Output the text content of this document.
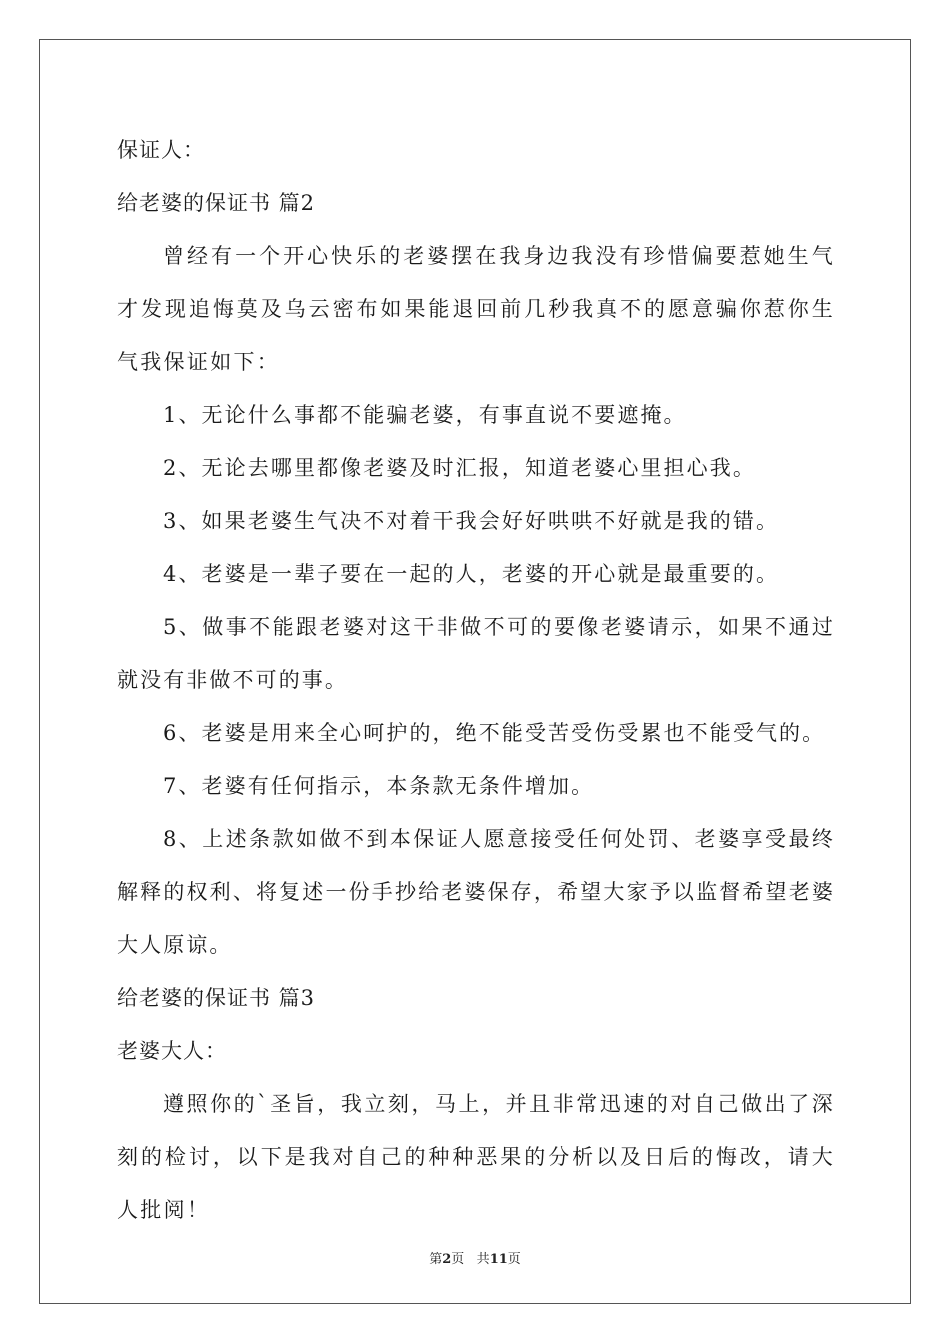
保证人：
给老婆的保证书 篇2
曾经有一个开心快乐的老婆摆在我身边我没有珍惜偏要惹她生气才发现追悔莫及乌云密布如果能退回前几秒我真不的愿意骗你惹你生气我保证如下：
1、无论什么事都不能骗老婆，有事直说不要遮掩。
2、无论去哪里都像老婆及时汇报，知道老婆心里担心我。
3、如果老婆生气决不对着干我会好好哄哄不好就是我的错。
4、老婆是一辈子要在一起的人，老婆的开心就是最重要的。
5、做事不能跟老婆对这干非做不可的要像老婆请示，如果不通过就没有非做不可的事。
6、老婆是用来全心呵护的，绝不能受苦受伤受累也不能受气的。
7、老婆有任何指示，本条款无条件增加。
8、上述条款如做不到本保证人愿意接受任何处罚、老婆享受最终解释的权利、将复述一份手抄给老婆保存，希望大家予以监督希望老婆大人原谅。
给老婆的保证书 篇3
老婆大人：
遵照你的`圣旨，我立刻，马上，并且非常迅速的对自己做出了深刻的检讨，以下是我对自己的种种恶果的分析以及日后的悔改，请大人批阅！
第2页 共11页
